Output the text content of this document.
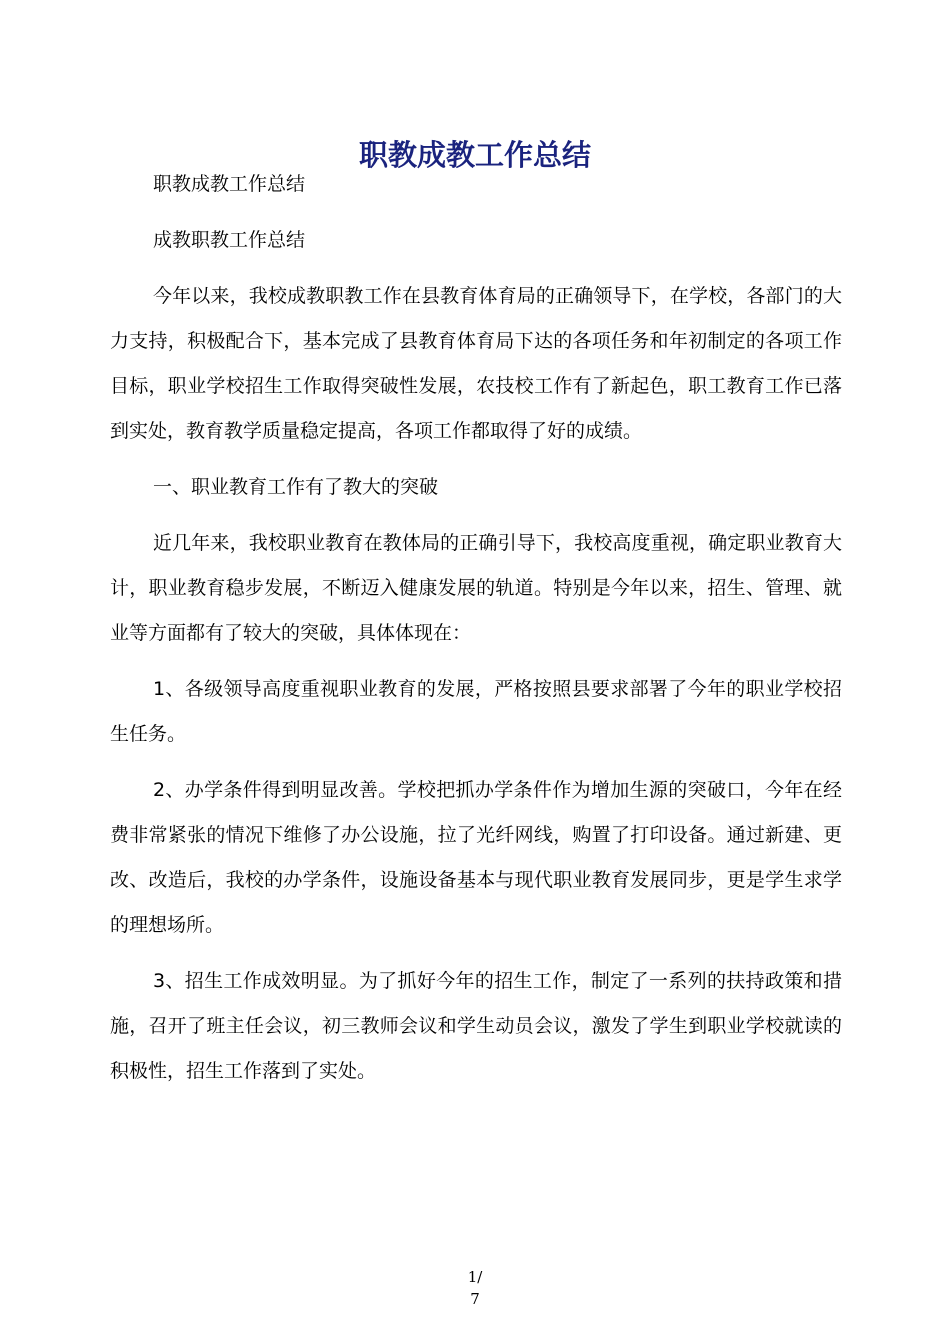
职教成教工作总结

职教成教工作总结

成教职教工作总结

今年以来，我校成教职教工作在县教育体育局的正确领导下，在学校，各部门的大力支持，积极配合下，基本完成了县教育体育局下达的各项任务和年初制定的各项工作目标，职业学校招生工作取得突破性发展，农技校工作有了新起色，职工教育工作已落到实处，教育教学质量稳定提高，各项工作都取得了好的成绩。

一、职业教育工作有了教大的突破

近几年来，我校职业教育在教体局的正确引导下，我校高度重视，确定职业教育大计，职业教育稳步发展，不断迈入健康发展的轨道。特别是今年以来，招生、管理、就业等方面都有了较大的突破，具体体现在：

1、各级领导高度重视职业教育的发展，严格按照县要求部署了今年的职业学校招生任务。

2、办学条件得到明显改善。学校把抓办学条件作为增加生源的突破口，今年在经费非常紧张的情况下维修了办公设施，拉了光纤网线，购置了打印设备。通过新建、更改、改造后，我校的办学条件，设施设备基本与现代职业教育发展同步，更是学生求学的理想场所。

3、招生工作成效明显。为了抓好今年的招生工作，制定了一系列的扶持政策和措施，召开了班主任会议，初三教师会议和学生动员会议，激发了学生到职业学校就读的积极性，招生工作落到了实处。

1/
7
